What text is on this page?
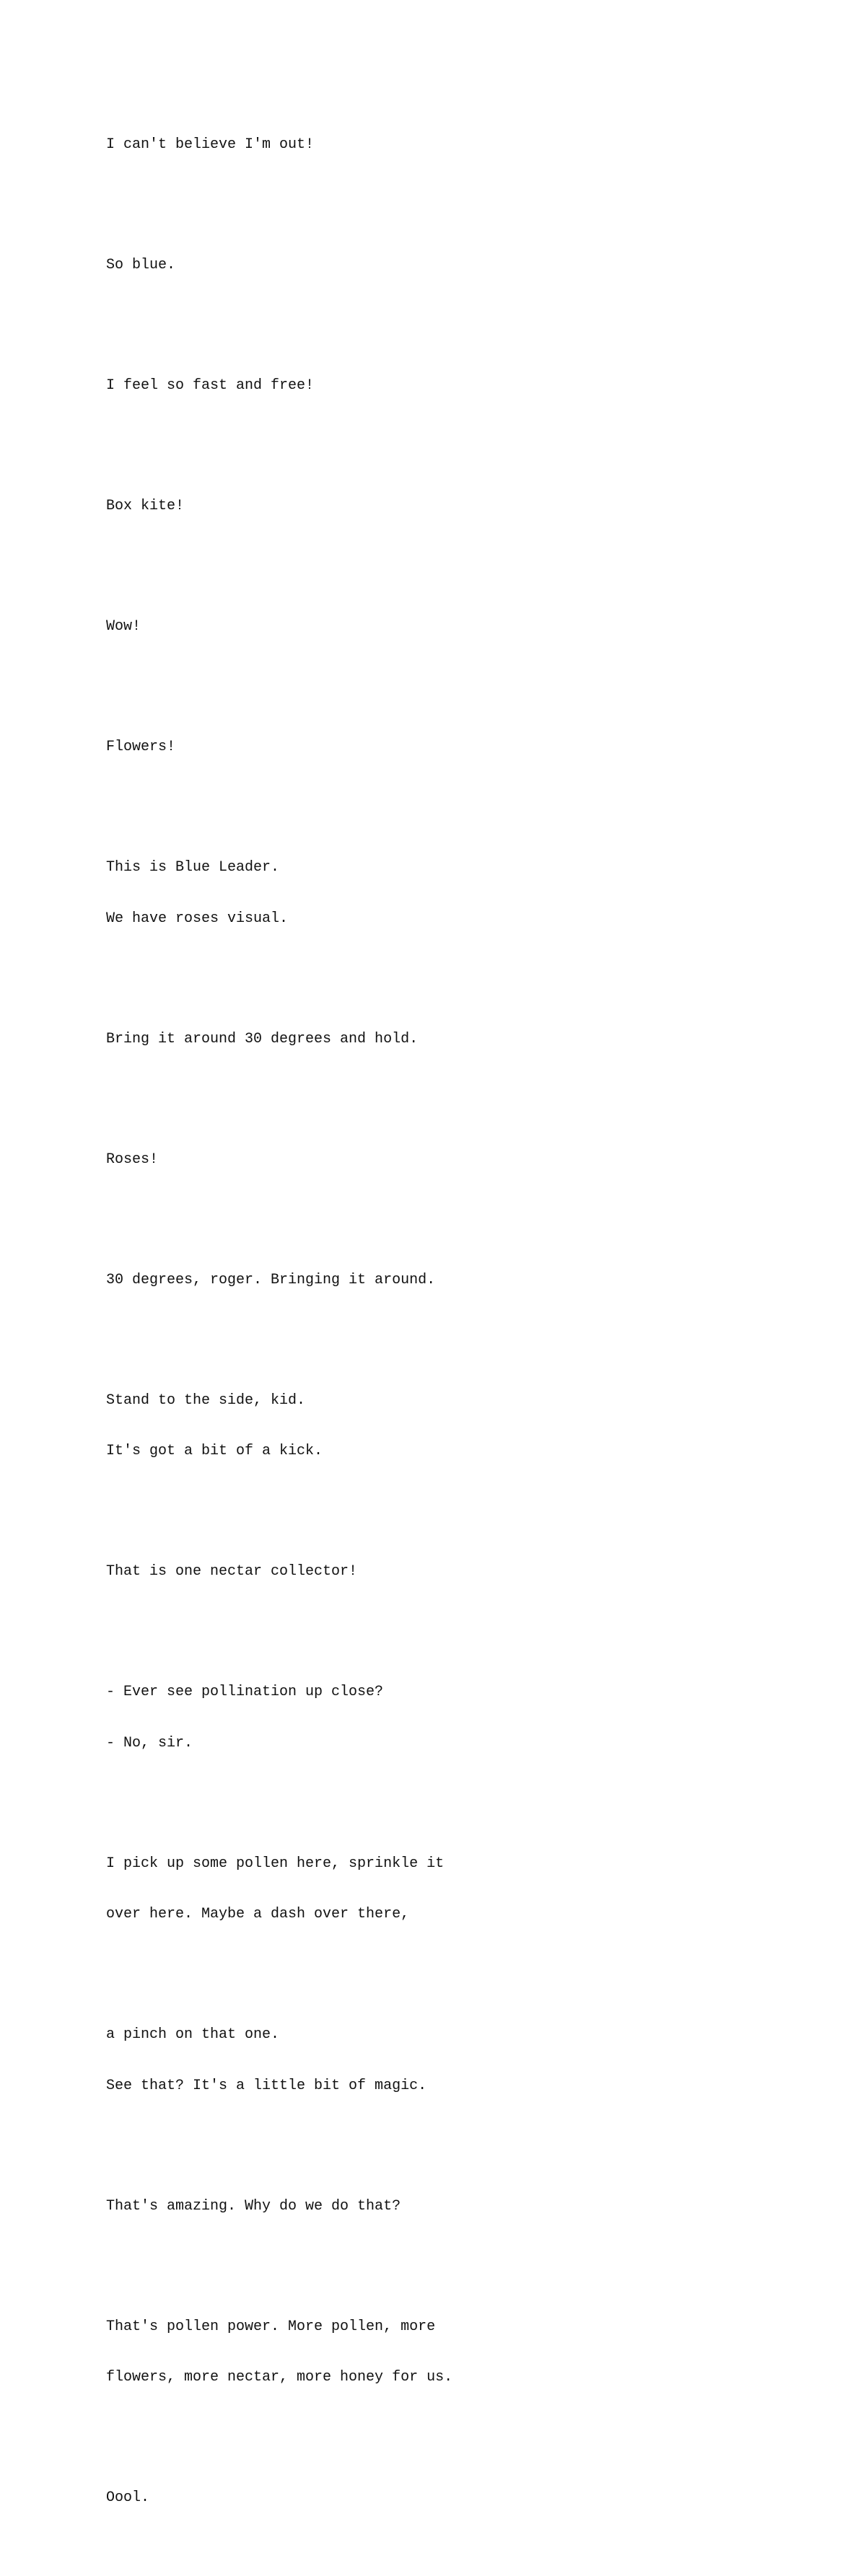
I can't believe I'm out!

So blue.

I feel so fast and free!

Box kite!

Wow!

Flowers!

This is Blue Leader.

We have roses visual.

Bring it around 30 degrees and hold.

Roses!

30 degrees, roger. Bringing it around.

Stand to the side, kid.

It's got a bit of a kick.

That is one nectar collector!

- Ever see pollination up close?

- No, sir.

I pick up some pollen here, sprinkle it

over here. Maybe a dash over there,

a pinch on that one.

See that? It's a little bit of magic.

That's amazing. Why do we do that?

That's pollen power. More pollen, more

flowers, more nectar, more honey for us.

Oool.
